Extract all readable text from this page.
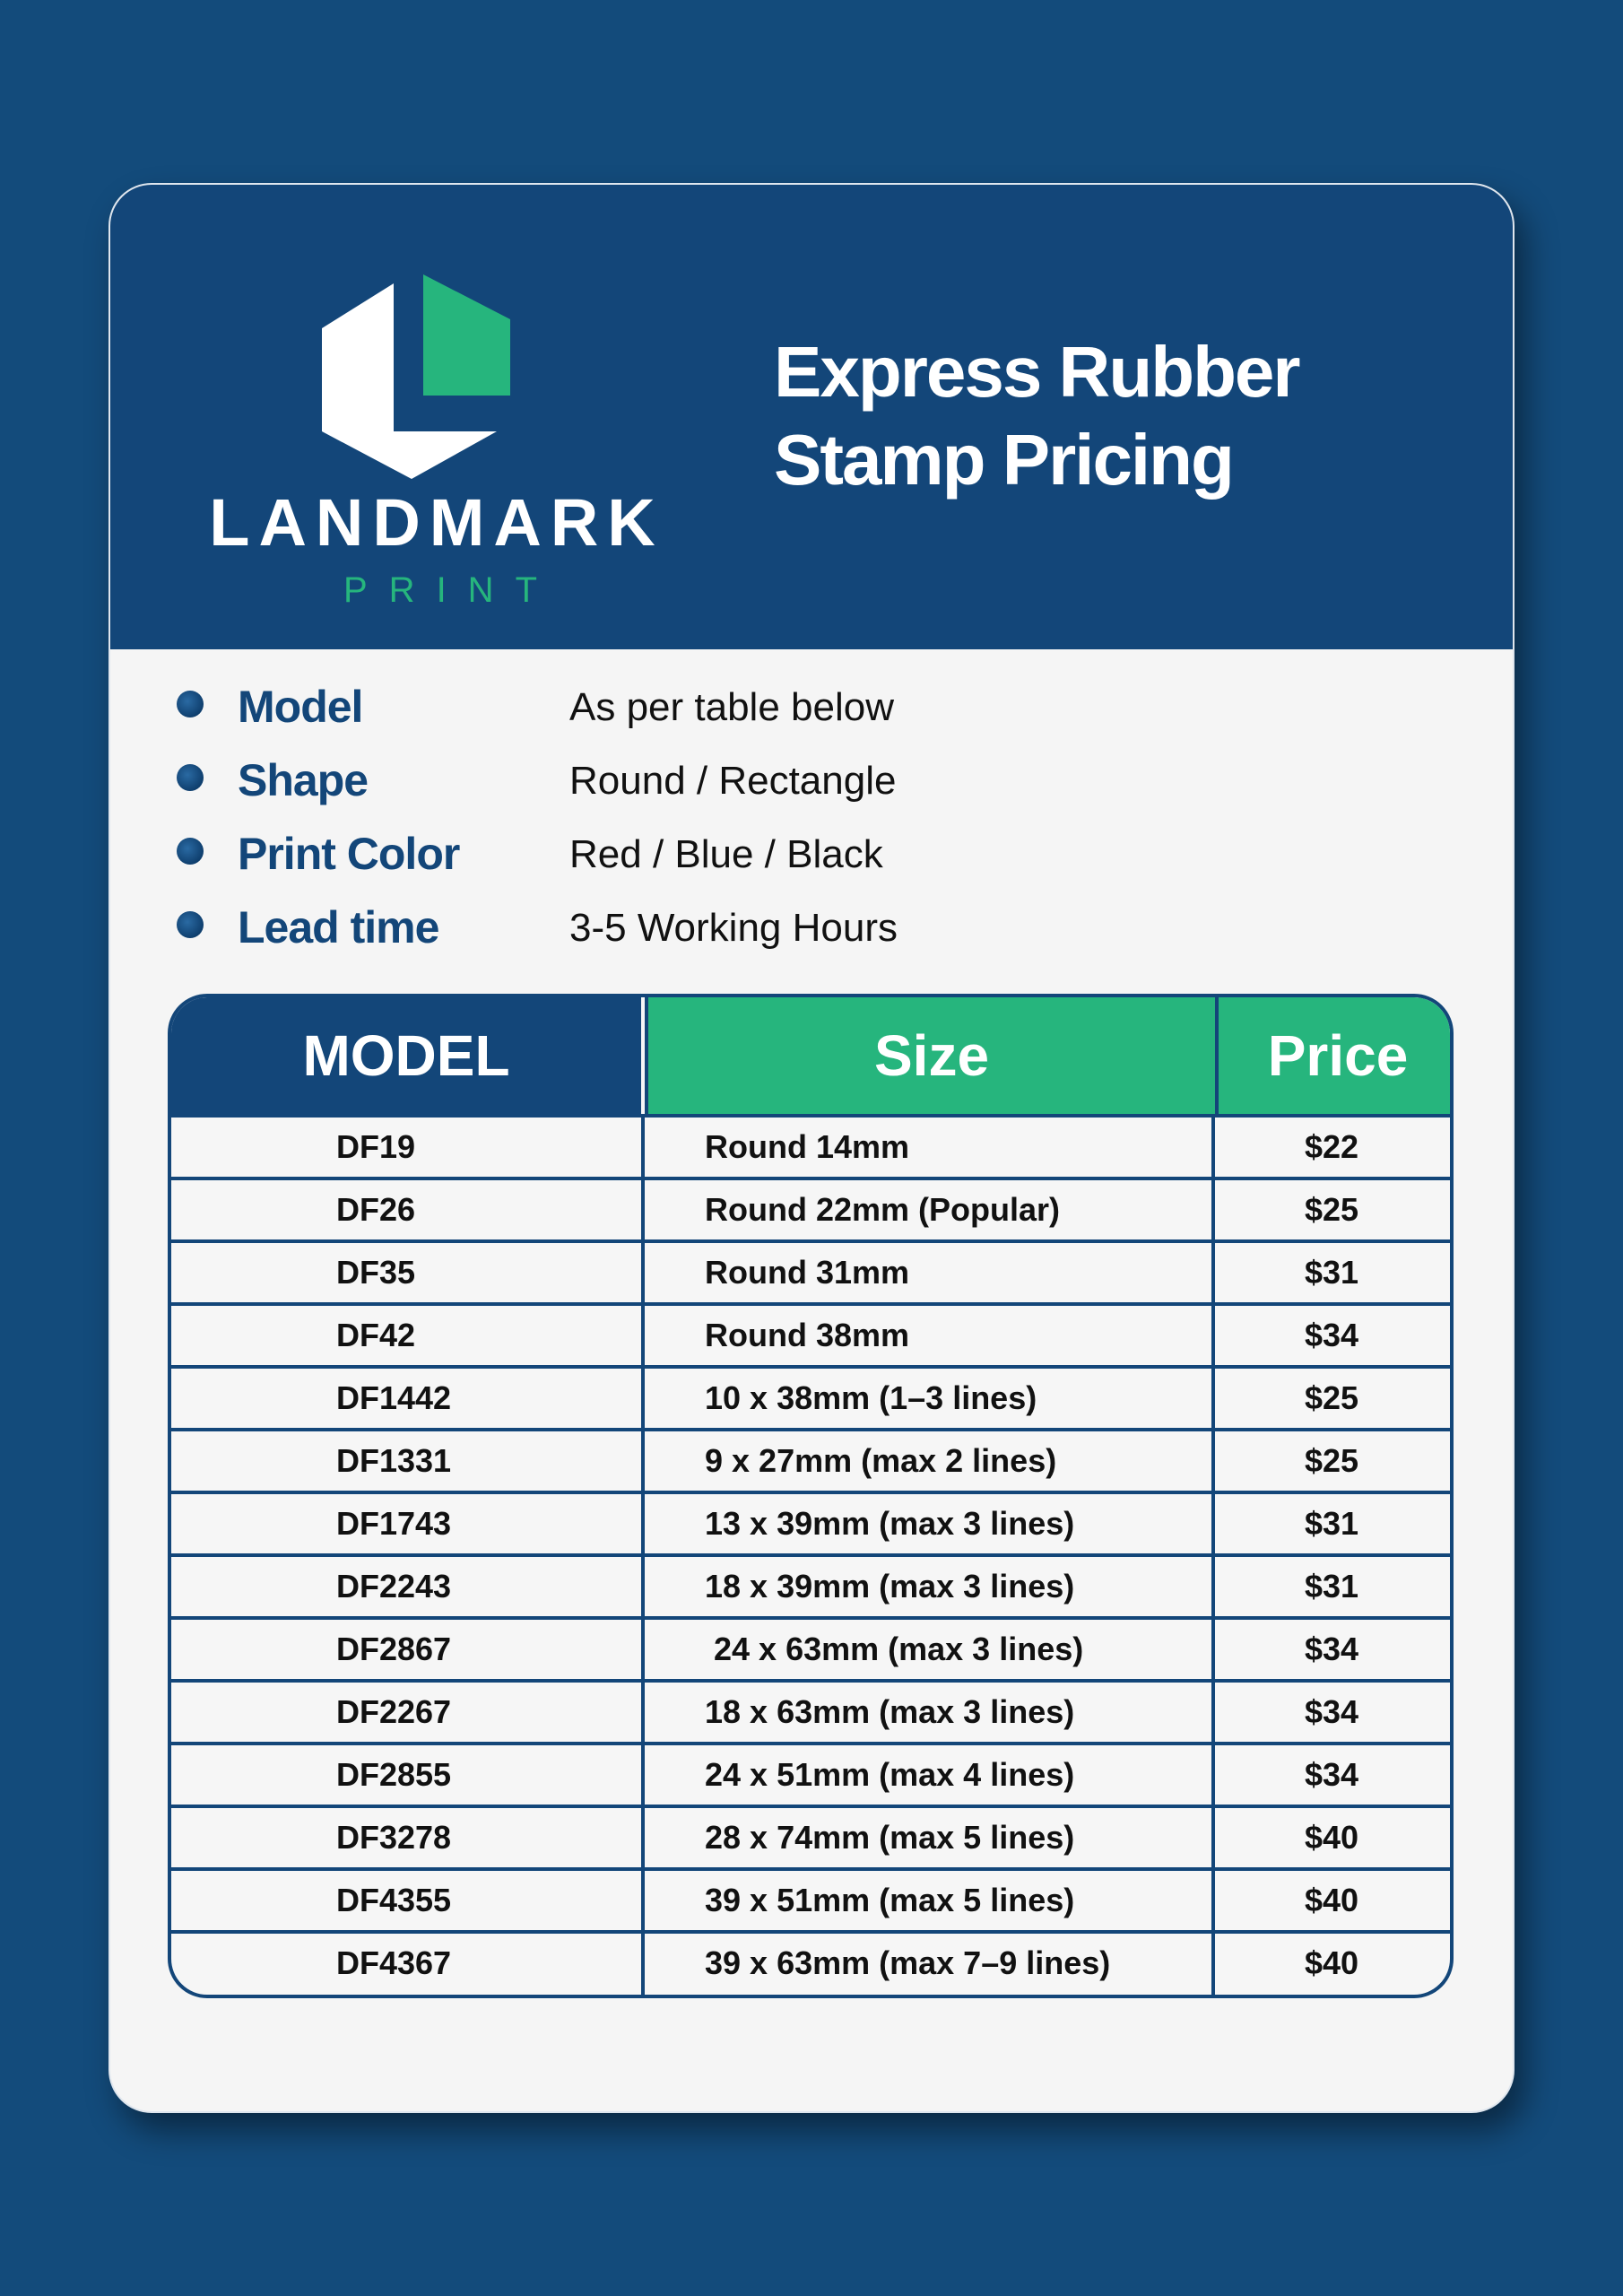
LANDMARK
PRINT
Express Rubber
Stamp Pricing
Model	As per table below
Shape	Round / Rectangle
Print Color	Red / Blue / Black
Lead time	3-5 Working Hours
MODEL	Size	Price
DF19	Round 14mm	$22
DF26	Round 22mm (Popular)	$25
DF35	Round 31mm	$31
DF42	Round 38mm	$34
DF1442	10 x 38mm (1–3 lines)	$25
DF1331	9 x 27mm (max 2 lines)	$25
DF1743	13 x 39mm (max 3 lines)	$31
DF2243	18 x 39mm (max 3 lines)	$31
DF2867	24 x 63mm (max 3 lines)	$34
DF2267	18 x 63mm (max 3 lines)	$34
DF2855	24 x 51mm (max 4 lines)	$34
DF3278	28 x 74mm (max 5 lines)	$40
DF4355	39 x 51mm (max 5 lines)	$40
DF4367	39 x 63mm (max 7–9 lines)	$40
